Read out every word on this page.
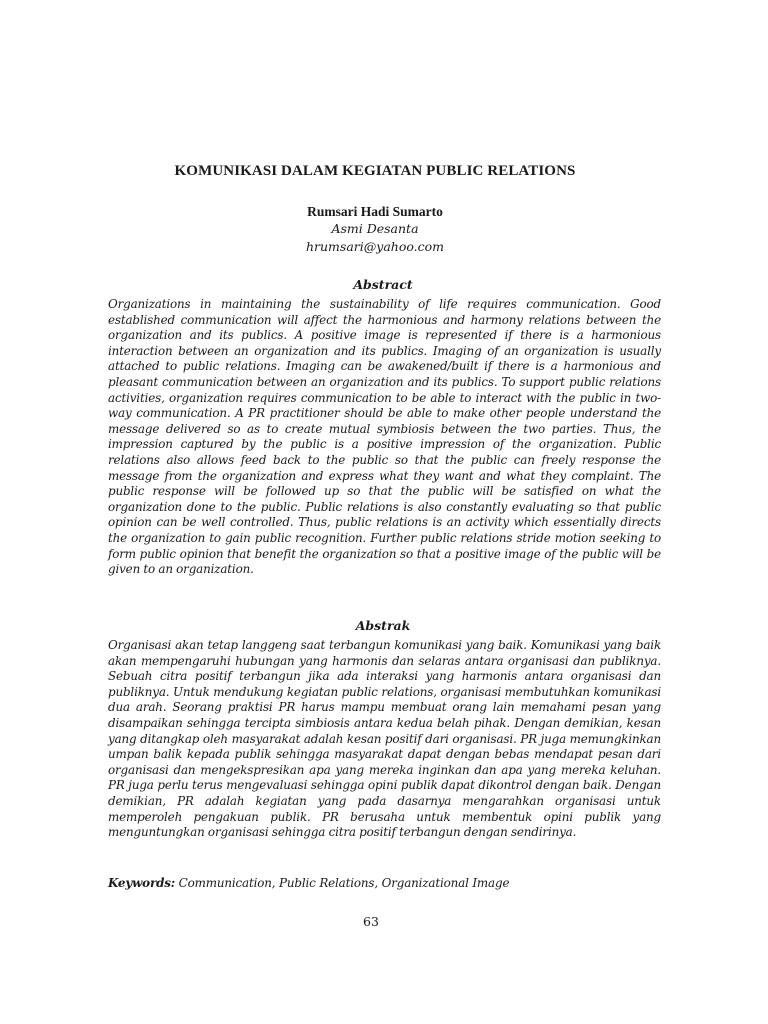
KOMUNIKASI DALAM KEGIATAN PUBLIC RELATIONS
Rumsari Hadi Sumarto
Asmi Desanta
hrumsari@yahoo.com
Abstract
Organizations in maintaining the sustainability of life requires communication. Good established communication will affect the harmonious and harmony relations between the organization and its publics. A positive image is represented if there is a harmonious interaction between an organization and its publics. Imaging of an organization is usually attached to public relations. Imaging can be awakened/built if there is a harmonious and pleasant communication between an organization and its publics. To support public relations activities, organization requires communication to be able to interact with the public in two-way communication. A PR practitioner should be able to make other people understand the message delivered so as to create mutual symbiosis between the two parties. Thus, the impression captured by the public is a positive impression of the organization. Public relations also allows feed back to the public so that the public can freely response the message from the organization and express what they want and what they complaint. The public response will be followed up so that the public will be satisfied on what the organization done to the public. Public relations is also constantly evaluating so that public opinion can be well controlled. Thus, public relations is an activity which essentially directs the organization to gain public recognition. Further public relations stride motion seeking to form public opinion that benefit the organization so that a positive image of the public will be given to an organization.
Abstrak
Organisasi akan tetap langgeng saat terbangun komunikasi yang baik. Komunikasi yang baik akan mempengaruhi hubungan yang harmonis dan selaras antara organisasi dan publiknya. Sebuah citra positif terbangun jika ada interaksi yang harmonis antara organisasi dan publiknya. Untuk mendukung kegiatan public relations, organisasi membutuhkan komunikasi dua arah. Seorang praktisi PR harus mampu membuat orang lain memahami pesan yang disampaikan sehingga tercipta simbiosis antara kedua belah pihak. Dengan demikian, kesan yang ditangkap oleh masyarakat adalah kesan positif dari organisasi. PR juga memungkinkan umpan balik kepada publik sehingga masyarakat dapat dengan bebas mendapat pesan dari organisasi dan mengekspresikan apa yang mereka inginkan dan apa yang mereka keluhan. PR juga perlu terus mengevaluasi sehingga opini publik dapat dikontrol dengan baik. Dengan demikian, PR adalah kegiatan yang pada dasarnya mengarahkan organisasi untuk memperoleh pengakuan publik. PR berusaha untuk membentuk opini publik yang menguntungkan organisasi sehingga citra positif terbangun dengan sendirinya.
Keywords: Communication, Public Relations, Organizational Image
63
